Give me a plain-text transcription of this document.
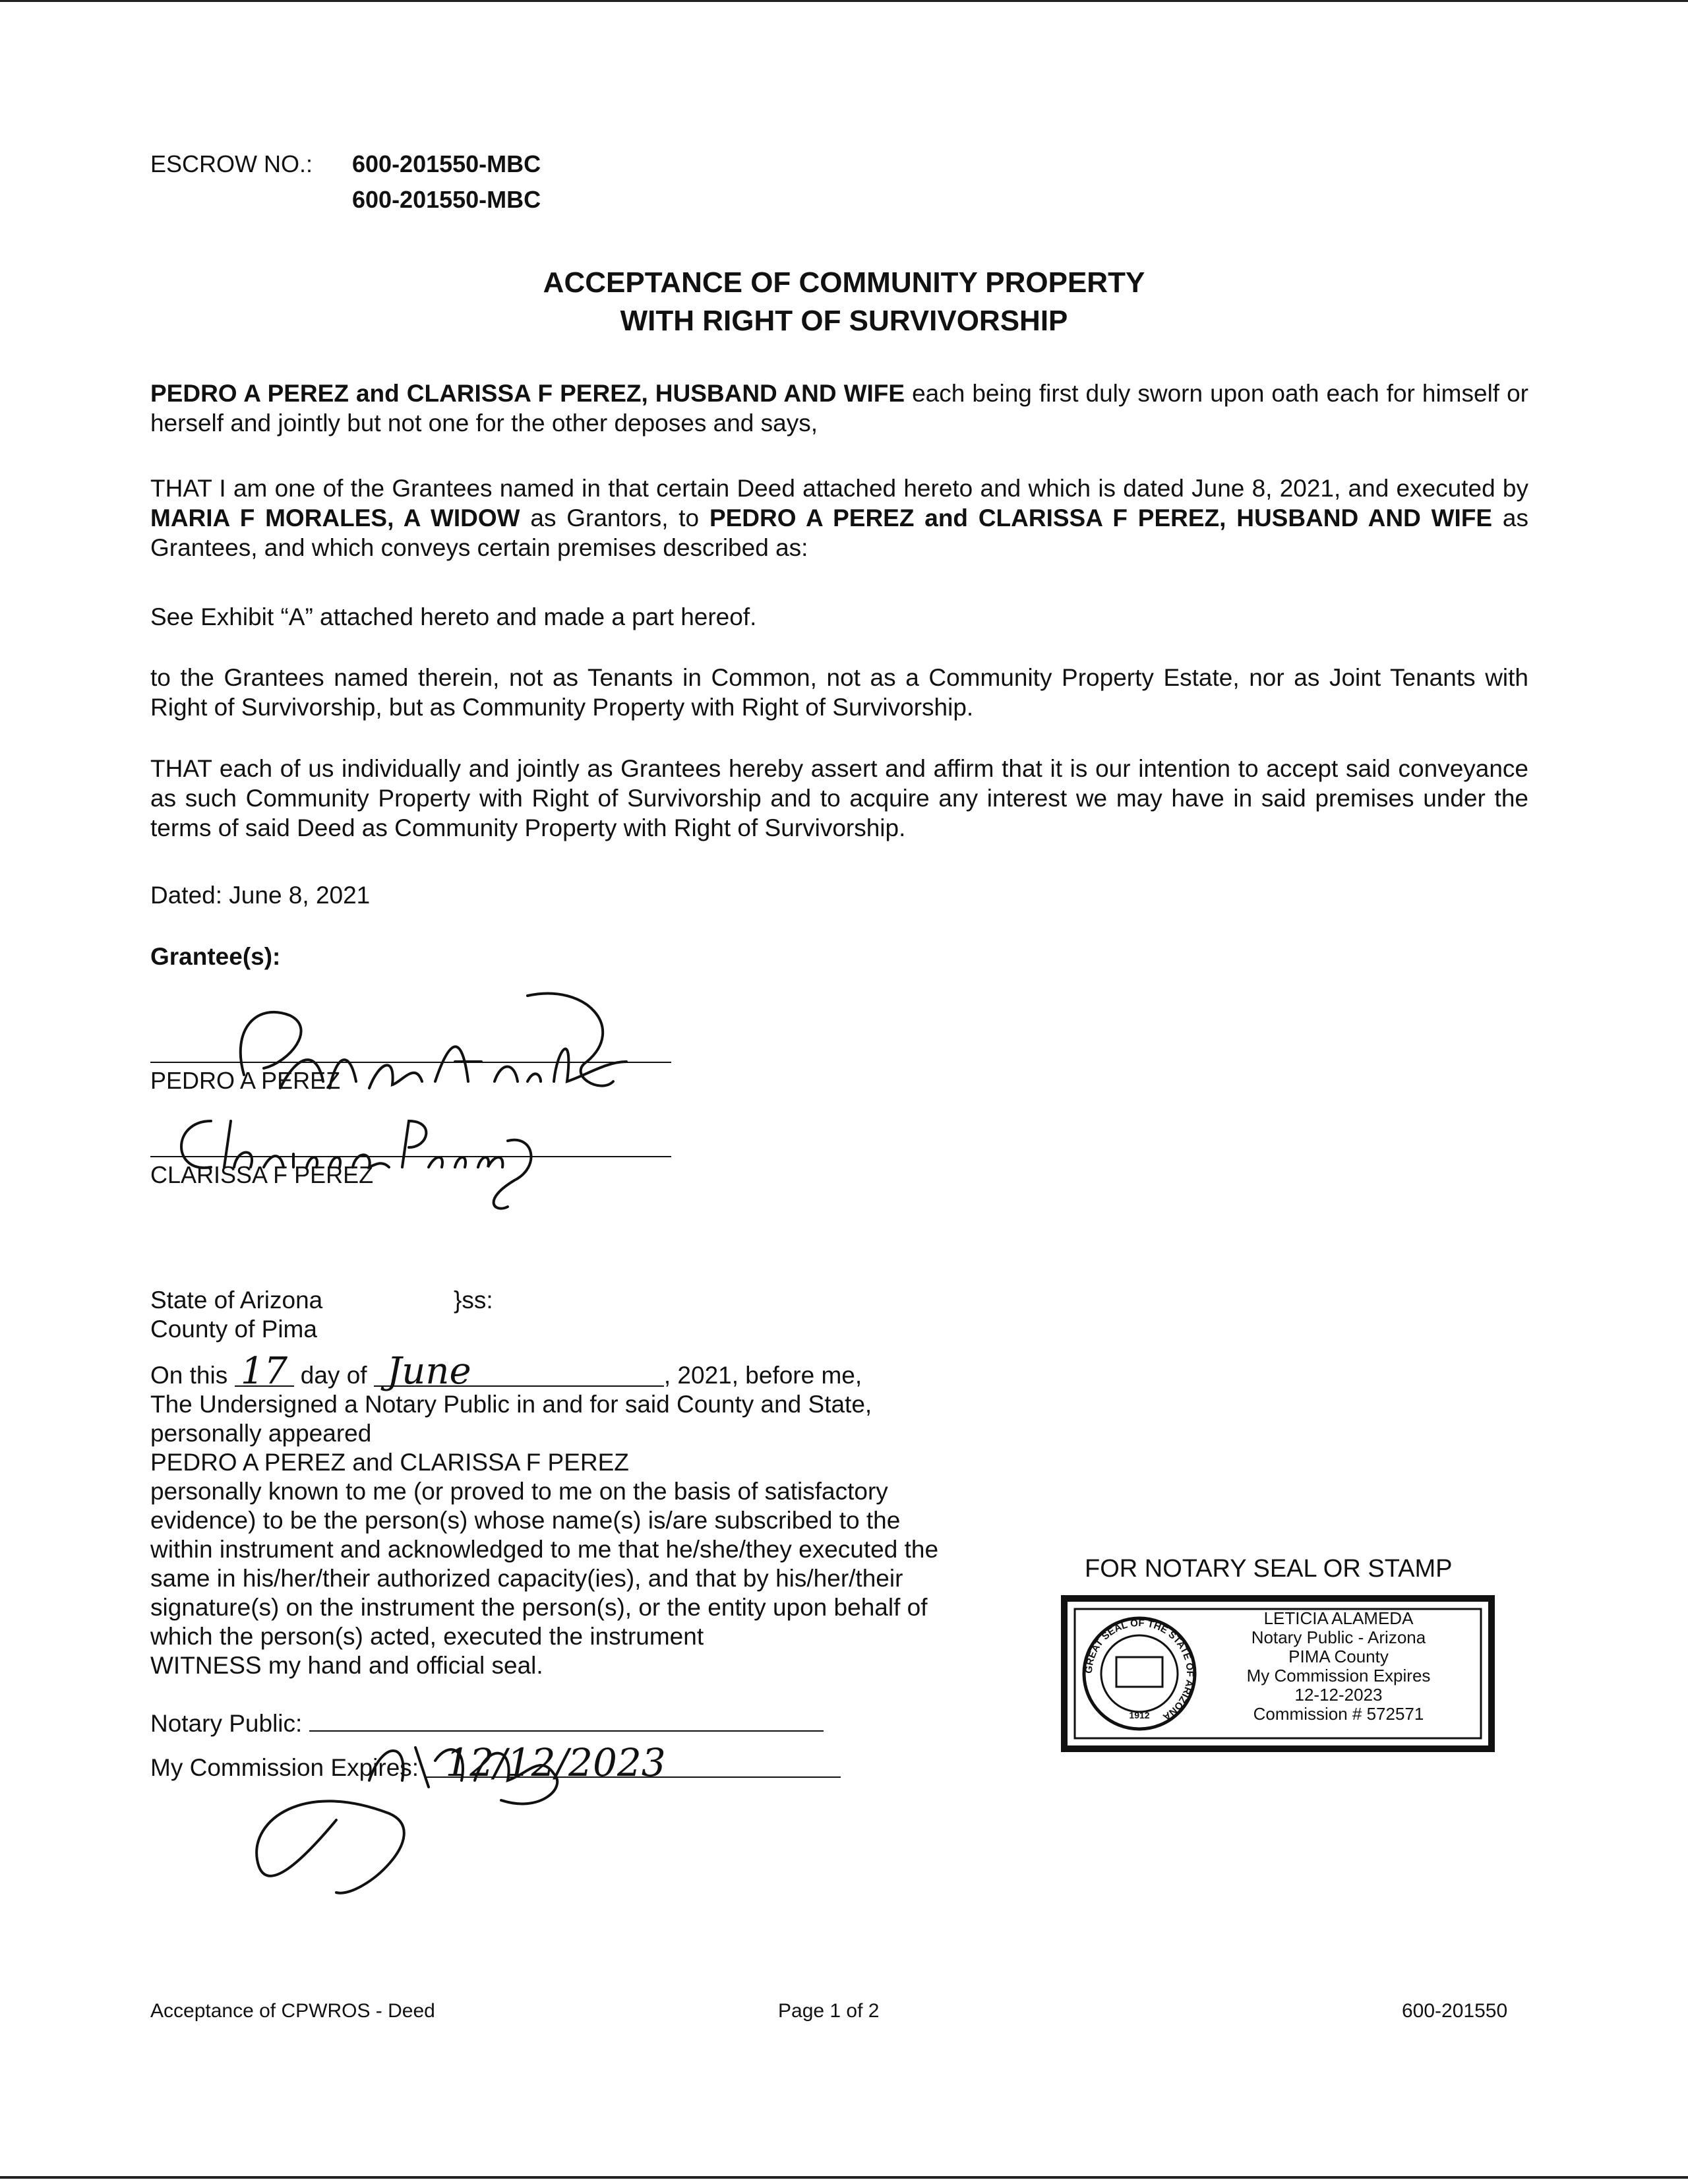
ESCROW NO.: 600-201550-MBC
600-201550-MBC
ACCEPTANCE OF COMMUNITY PROPERTY
WITH RIGHT OF SURVIVORSHIP
PEDRO A PEREZ and CLARISSA F PEREZ, HUSBAND AND WIFE each being first duly sworn upon oath each for himself or herself and jointly but not one for the other deposes and says,
THAT I am one of the Grantees named in that certain Deed attached hereto and which is dated June 8, 2021, and executed by MARIA F MORALES, A WIDOW as Grantors, to PEDRO A PEREZ and CLARISSA F PEREZ, HUSBAND AND WIFE as Grantees, and which conveys certain premises described as:
See Exhibit “A” attached hereto and made a part hereof.
to the Grantees named therein, not as Tenants in Common, not as a Community Property Estate, nor as Joint Tenants with Right of Survivorship, but as Community Property with Right of Survivorship.
THAT each of us individually and jointly as Grantees hereby assert and affirm that it is our intention to accept said conveyance as such Community Property with Right of Survivorship and to acquire any interest we may have in said premises under the terms of said Deed as Community Property with Right of Survivorship.
Dated: June 8, 2021
Grantee(s):
PEDRO A PEREZ
CLARISSA F PEREZ
State of Arizona	}ss:
County of Pima
On this 17 day of June	, 2021, before me,
The Undersigned a Notary Public in and for said County and State,
personally appeared
PEDRO A PEREZ and CLARISSA F PEREZ
personally known to me (or proved to me on the basis of satisfactory
evidence) to be the person(s) whose name(s) is/are subscribed to the
within instrument and acknowledged to me that he/she/they executed the
same in his/her/their authorized capacity(ies), and that by his/her/their
signature(s) on the instrument the person(s), or the entity upon behalf of
which the person(s) acted, executed the instrument
WITNESS my hand and official seal.
Notary Public:
My Commission Expires: 12/12/2023
FOR NOTARY SEAL OR STAMP
GREAT SEAL OF THE STATE OF ARIZONA
1912
LETICIA ALAMEDA
Notary Public - Arizona
PIMA County
My Commission Expires
12-12-2023
Commission # 572571
Acceptance of CPWROS - Deed	Page 1 of 2	600-201550
